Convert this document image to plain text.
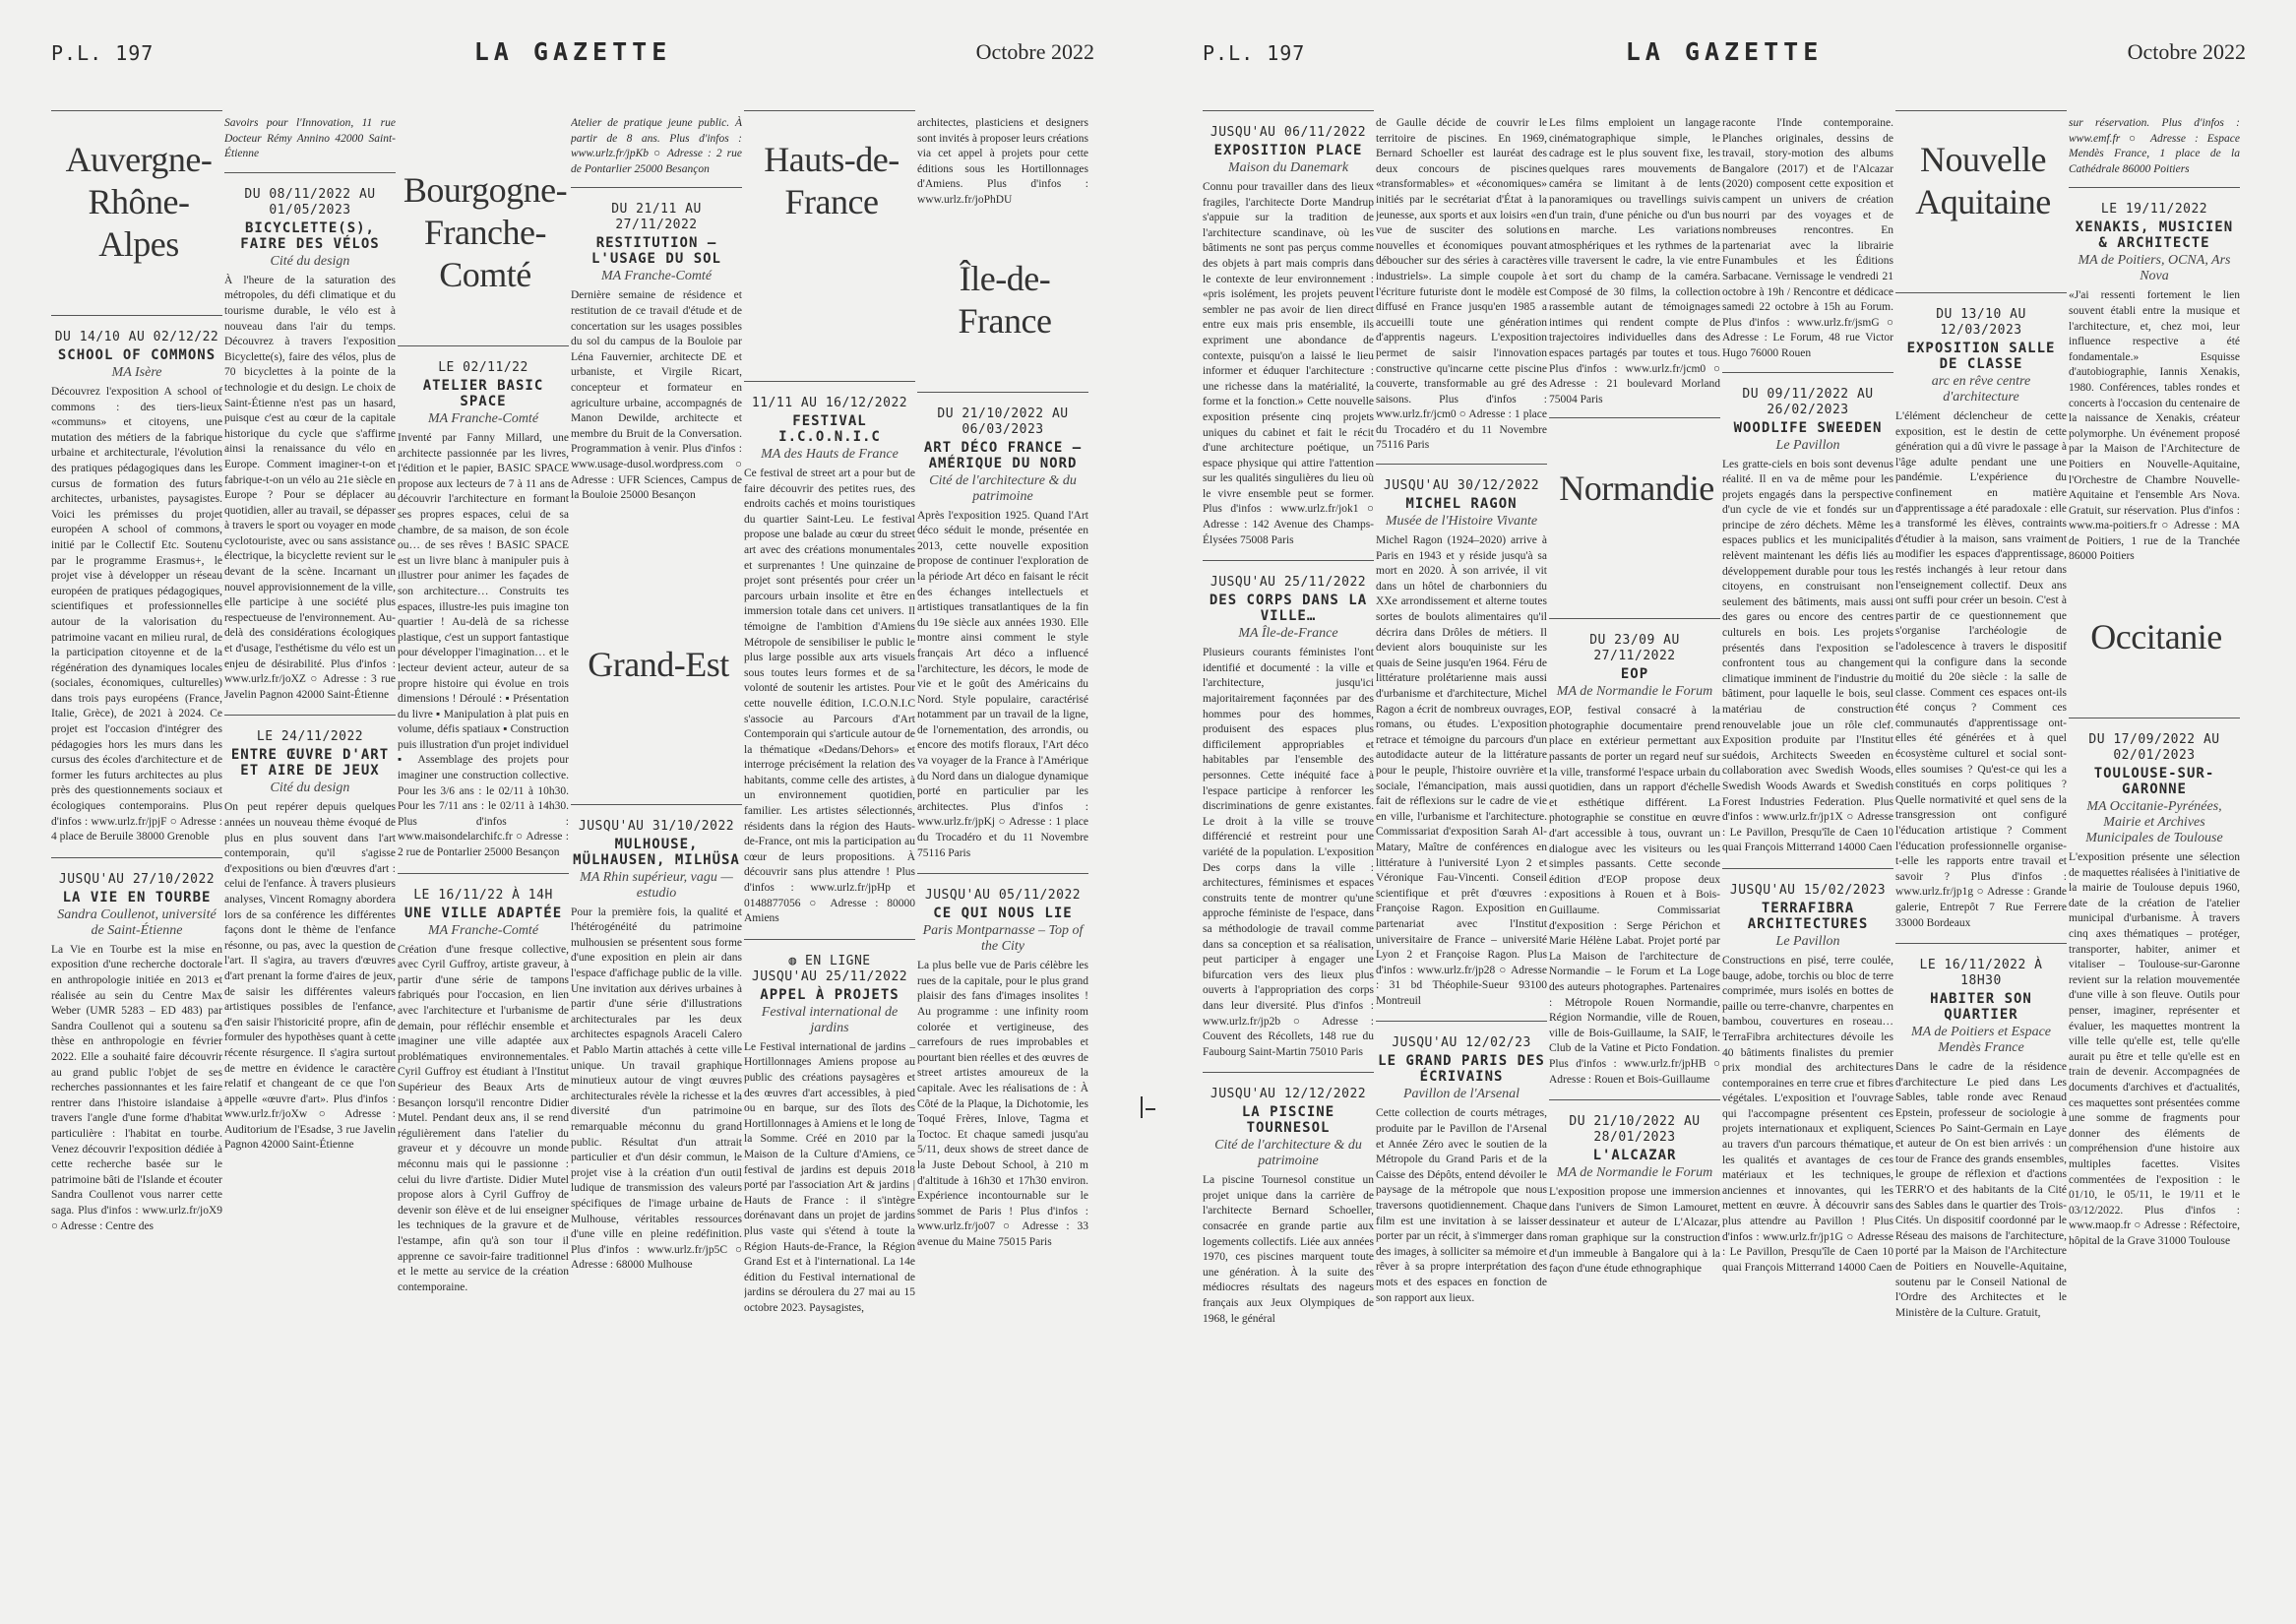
P.L. 197	LA GAZETTE	Octobre 2022
Auvergne-Rhône-Alpes
DU 14/10 AU 02/12/22
SCHOOL OF COMMONS
MA Isère
Découvrez l'exposition A school of commons : des tiers-lieux «communs» et citoyens, une mutation des métiers de la fabrique urbaine et architecturale, l'évolution des pratiques pédagogiques dans les cursus de formation des futurs architectes, urbanistes, paysagistes. Voici les prémisses du projet européen A school of commons, initié par le Collectif Etc. Soutenu par le programme Erasmus+, le projet vise à développer un réseau européen de pratiques pédagogiques, scientifiques et professionnelles autour de la valorisation du patrimoine vacant en milieu rural, de la participation citoyenne et de la régénération des dynamiques locales (sociales, économiques, culturelles) dans trois pays européens (France, Italie, Grèce), de 2021 à 2024. Ce projet est l'occasion d'intégrer des pédagogies hors les murs dans les cursus des écoles d'architecture et de former les futurs architectes au plus près des questionnements sociaux et écologiques contemporains. Plus d'infos : www.urlz.fr/jpjF ○ Adresse : 4 place de Beruile 38000 Grenoble
JUSQU'AU 27/10/2022
LA VIE EN TOURBE
Sandra Coullenot, université de Saint-Étienne
La Vie en Tourbe est la mise en exposition d'une recherche doctorale en anthropologie initiée en 2013 et réalisée au sein du Centre Max Weber (UMR 5283 – ED 483) par Sandra Coullenot qui a soutenu sa thèse en anthropologie en février 2022. Elle a souhaité faire découvrir au grand public l'objet de ses recherches passionnantes et les faire rentrer dans l'histoire islandaise à travers l'angle d'une forme d'habitat particulière : l'habitat en tourbe. Venez découvrir l'exposition dédiée à cette recherche basée sur le patrimoine bâti de l'Islande et écouter Sandra Coullenot vous narrer cette saga. Plus d'infos : www.urlz.fr/joX9 ○ Adresse : Centre des
Savoirs pour l'Innovation, 11 rue Docteur Rémy Annino 42000 Saint-Étienne
DU 08/11/2022 AU 01/05/2023
BICYCLETTE(S), FAIRE DES VÉLOS
Cité du design
À l'heure de la saturation des métropoles, du défi climatique et du tourisme durable, le vélo est à nouveau dans l'air du temps. Découvrez à travers l'exposition Bicyclette(s), faire des vélos, plus de 70 bicyclettes à la pointe de la technologie et du design. Le choix de Saint-Étienne n'est pas un hasard, puisque c'est au cœur de la capitale historique du cycle que s'affirme ainsi la renaissance du vélo en Europe. Comment imaginer-t-on et fabrique-t-on un vélo au 21e siècle en Europe ? Pour se déplacer au quotidien, aller au travail, se dépasser à travers le sport ou voyager en mode cyclotouriste, avec ou sans assistance électrique, la bicyclette revient sur le devant de la scène. Incarnant un nouvel approvisionnement de la ville, elle participe à une société plus respectueuse de l'environnement. Au-delà des considérations écologiques et d'usage, l'esthétisme du vélo est un enjeu de désirabilité. Plus d'infos : www.urlz.fr/joXZ ○ Adresse : 3 rue Javelin Pagnon 42000 Saint-Étienne
LE 24/11/2022
ENTRE ŒUVRE D'ART ET AIRE DE JEUX
Cité du design
On peut repérer depuis quelques années un nouveau thème évoqué de plus en plus souvent dans l'art contemporain, qu'il s'agisse d'expositions ou bien d'œuvres d'art : celui de l'enfance. À travers plusieurs analyses, Vincent Romagny abordera lors de sa conférence les différentes façons dont le thème de l'enfance résonne, ou pas, avec la question de l'art. Il s'agira, au travers d'œuvres d'art prenant la forme d'aires de jeux, de saisir les différentes valeurs artistiques possibles de l'enfance, d'en saisir l'historicité propre, afin de formuler des hypothèses quant à cette récente résurgence. Il s'agira surtout de mettre en évidence le caractère relatif et changeant de ce que l'on appelle «œuvre d'art». Plus d'infos : www.urlz.fr/joXw ○ Adresse : Auditorium de l'Esadse, 3 rue Javelin Pagnon 42000 Saint-Étienne
Bourgogne-Franche-Comté
LE 02/11/22
ATELIER BASIC SPACE
MA Franche-Comté
Inventé par Fanny Millard, une architecte passionnée par les livres, l'édition et le papier, BASIC SPACE propose aux lecteurs de 7 à 11 ans de découvrir l'architecture en formant ses propres espaces, celui de sa chambre, de sa maison, de son école ou… de ses rêves ! BASIC SPACE est un livre blanc à manipuler puis à illustrer pour animer les façades de son architecture… Construits tes espaces, illustre-les puis imagine ton quartier ! Au-delà de sa richesse plastique, c'est un support fantastique pour développer l'imagination… et le lecteur devient acteur, auteur de sa propre histoire qui évolue en trois dimensions ! Déroulé : ▪ Présentation du livre ▪ Manipulation à plat puis en volume, défis spatiaux ▪ Construction puis illustration d'un projet individuel ▪ Assemblage des projets pour imaginer une construction collective. Pour les 3/6 ans : le 02/11 à 10h30. Pour les 7/11 ans : le 02/11 à 14h30. Plus d'infos : www.maisondelarchifc.fr ○ Adresse : 2 rue de Pontarlier 25000 Besançon
LE 16/11/22 À 14H
UNE VILLE ADAPTÉE
MA Franche-Comté
Création d'une fresque collective, avec Cyril Guffroy, artiste graveur, à partir d'une série de tampons fabriqués pour l'occasion, en lien avec l'architecture et l'urbanisme de demain, pour réfléchir ensemble et imaginer une ville adaptée aux problématiques environnementales. Cyril Guffroy est étudiant à l'Institut Supérieur des Beaux Arts de Besançon lorsqu'il rencontre Didier Mutel. Pendant deux ans, il se rend régulièrement dans l'atelier du graveur et y découvre un monde méconnu mais qui le passionne : celui du livre d'artiste. Didier Mutel propose alors à Cyril Guffroy de devenir son élève et de lui enseigner les techniques de la gravure et de l'estampe, afin qu'à son tour il apprenne ce savoir-faire traditionnel et le mette au service de la création contemporaine.
Atelier de pratique jeune public. À partir de 8 ans. Plus d'infos : www.urlz.fr/jpKb ○ Adresse : 2 rue de Pontarlier 25000 Besançon
DU 21/11 AU 27/11/2022
RESTITUTION – L'USAGE DU SOL
MA Franche-Comté
Dernière semaine de résidence et restitution de ce travail d'étude et de concertation sur les usages possibles du sol du campus de la Bouloie par Léna Fauvernier, architecte DE et urbaniste, et Virgile Ricart, concepteur et formateur en agriculture urbaine, accompagnés de Manon Dewilde, architecte et membre du Bruit de la Conversation. Programmation à venir. Plus d'infos : www.usage-dusol.wordpress.com ○ Adresse : UFR Sciences, Campus de la Bouloie 25000 Besançon
Grand-Est
JUSQU'AU 31/10/2022
MULHOUSE, MÜLHAUSEN, MILHÜSA
MA Rhin supérieur, vagu — estudio
Pour la première fois, la qualité et l'hétérogénéité du patrimoine mulhousien se présentent sous forme d'une exposition en plein air dans l'espace d'affichage public de la ville. Une invitation aux dérives urbaines à partir d'une série d'illustrations architecturales par les deux architectes espagnols Araceli Calero et Pablo Martin attachés à cette ville unique. Un travail graphique minutieux autour de vingt œuvres architecturales révèle la richesse et la diversité d'un patrimoine remarquable méconnu du grand public. Résultat d'un attrait particulier et d'un désir commun, le projet vise à la création d'un outil ludique de transmission des valeurs spécifiques de l'image urbaine de Mulhouse, véritables ressources d'une ville en pleine redéfinition. Plus d'infos : www.urlz.fr/jp5C ○ Adresse : 68000 Mulhouse
Hauts-de-France
11/11 AU 16/12/2022
FESTIVAL I.C.O.N.I.C
MA des Hauts de France
Ce festival de street art a pour but de faire découvrir des petites rues, des endroits cachés et moins touristiques du quartier Saint-Leu. Le festival propose une balade au cœur du street art avec des créations monumentales et surprenantes ! Une quinzaine de projet sont présentés pour créer un parcours urbain insolite et être en immersion totale dans cet univers. Il témoigne de l'ambition d'Amiens Métropole de sensibiliser le public le plus large possible aux arts visuels sous toutes leurs formes et de sa volonté de soutenir les artistes. Pour cette nouvelle édition, I.C.O.N.I.C s'associe au Parcours d'Art Contemporain qui s'articule autour de la thématique «Dedans/Dehors» et interroge précisément la relation des habitants, comme celle des artistes, à un environnement quotidien, familier. Les artistes sélectionnés, résidents dans la région des Hauts-de-France, ont mis la participation au cœur de leurs propositions. À découvrir sans plus attendre ! Plus d'infos : www.urlz.fr/jpHp et 0148877056 ○ Adresse : 80000 Amiens
◍ EN LIGNE
JUSQU'AU 25/11/2022
APPEL À PROJETS
Festival international de jardins
Le Festival international de jardins – Hortillonnages Amiens propose au public des créations paysagères et des œuvres d'art accessibles, à pied ou en barque, sur des îlots des Hortillonnages à Amiens et le long de la Somme. Créé en 2010 par la Maison de la Culture d'Amiens, ce festival de jardins est depuis 2018 porté par l'association Art & jardins | Hauts de France : il s'intègre dorénavant dans un projet de jardins plus vaste qui s'étend à toute la Région Hauts-de-France, la Région Grand Est et à l'international. La 14e édition du Festival international de jardins se déroulera du 27 mai au 15 octobre 2023. Paysagistes,
architectes, plasticiens et designers sont invités à proposer leurs créations via cet appel à projets pour cette éditions sous les Hortillonnages d'Amiens. Plus d'infos : www.urlz.fr/joPhDU
Île-de-France
DU 21/10/2022 AU 06/03/2023
ART DÉCO FRANCE – AMÉRIQUE DU NORD
Cité de l'architecture & du patrimoine
Après l'exposition 1925. Quand l'Art déco séduit le monde, présentée en 2013, cette nouvelle exposition propose de continuer l'exploration de la période Art déco en faisant le récit des échanges intellectuels et artistiques transatlantiques de la fin du 19e siècle aux années 1930. Elle montre ainsi comment le style français Art déco a influencé l'architecture, les décors, le mode de vie et le goût des Américains du Nord. Style populaire, caractérisé notamment par un travail de la ligne, de l'ornementation, des arrondis, ou encore des motifs floraux, l'Art déco va voyager de la France à l'Amérique du Nord dans un dialogue dynamique porté en particulier par les architectes. Plus d'infos : www.urlz.fr/jpKj ○ Adresse : 1 place du Trocadéro et du 11 Novembre 75116 Paris
JUSQU'AU 05/11/2022
CE QUI NOUS LIE
Paris Montparnasse – Top of the City
La plus belle vue de Paris célèbre les rues de la capitale, pour le plus grand plaisir des fans d'images insolites ! Au programme : une infinity room colorée et vertigineuse, des carrefours de rues improbables et pourtant bien réelles et des œuvres de street artistes amoureux de la capitale. Avec les réalisations de : À Côté de la Plaque, la Dichotomie, les Toqué Frères, Inlove, Tagma et Toctoc. Et chaque samedi jusqu'au 5/11, deux shows de street dance de la Juste Debout School, à 210 m d'altitude à 16h30 et 17h30 environ. Expérience incontournable sur le sommet de Paris ! Plus d'infos : www.urlz.fr/jo07 ○ Adresse : 33 avenue du Maine 75015 Paris
P.L. 197	LA GAZETTE	Octobre 2022
JUSQU'AU 06/11/2022
EXPOSITION PLACE
Maison du Danemark
Connu pour travailler dans des lieux fragiles, l'architecte Dorte Mandrup s'appuie sur la tradition de l'architecture scandinave, où les bâtiments ne sont pas perçus comme des objets à part mais compris dans le contexte de leur environnement : «pris isolément, les projets peuvent sembler ne pas avoir de lien direct entre eux mais pris ensemble, ils expriment une abondance de contexte, puisqu'on a laissé le lieu informer et éduquer l'architecture : une richesse dans la matérialité, la forme et la fonction.» Cette nouvelle exposition présente cinq projets uniques du cabinet et fait le récit d'une architecture poétique, un espace physique qui attire l'attention sur les qualités singulières du lieu où le vivre ensemble peut se former. Plus d'infos : www.urlz.fr/jok1 ○ Adresse : 142 Avenue des Champs-Élysées 75008 Paris
JUSQU'AU 25/11/2022
DES CORPS DANS LA VILLE…
MA Île-de-France
Plusieurs courants féministes l'ont identifié et documenté : la ville et l'architecture, jusqu'ici majoritairement façonnées par des hommes pour des hommes, produisent des espaces plus difficilement appropriables et habitables par l'ensemble des personnes. Cette inéquité face à l'espace participe à renforcer les discriminations de genre existantes. Le droit à la ville se trouve différencié et restreint pour une variété de la population. L'exposition Des corps dans la ville : architectures, féminismes et espaces construits tente de montrer qu'une approche féministe de l'espace, dans sa méthodologie de travail comme dans sa conception et sa réalisation, peut participer à engager une bifurcation vers des lieux plus ouverts à l'appropriation des corps dans leur diversité. Plus d'infos : www.urlz.fr/jp2b ○ Adresse : Couvent des Récollets, 148 rue du Faubourg Saint-Martin 75010 Paris
JUSQU'AU 12/12/2022
LA PISCINE TOURNESOL
Cité de l'architecture & du patrimoine
La piscine Tournesol constitue un projet unique dans la carrière de l'architecte Bernard Schoeller, consacrée en grande partie aux logements collectifs. Liée aux années 1970, ces piscines marquent toute une génération. À la suite des médiocres résultats des nageurs français aux Jeux Olympiques de 1968, le général
de Gaulle décide de couvrir le territoire de piscines. En 1969, Bernard Schoeller est lauréat des deux concours de piscines «transformables» et «économiques» initiés par le secrétariat d'État à la jeunesse, aux sports et aux loisirs «en vue de susciter des solutions nouvelles et économiques pouvant déboucher sur des séries à caractères industriels». La simple coupole à l'écriture futuriste dont le modèle est diffusé en France jusqu'en 1985 a accueilli toute une génération d'apprentis nageurs. L'exposition permet de saisir l'innovation constructive qu'incarne cette piscine couverte, transformable au gré des saisons. Plus d'infos : www.urlz.fr/jcm0 ○ Adresse : 1 place du Trocadéro et du 11 Novembre 75116 Paris
JUSQU'AU 30/12/2022
MICHEL RAGON
Musée de l'Histoire Vivante
Michel Ragon (1924–2020) arrive à Paris en 1943 et y réside jusqu'à sa mort en 2020. À son arrivée, il vit dans un hôtel de charbonniers du XXe arrondissement et alterne toutes sortes de boulots alimentaires qu'il décrira dans Drôles de métiers. Il devient alors bouquiniste sur les quais de Seine jusqu'en 1964. Féru de littérature prolétarienne mais aussi d'urbanisme et d'architecture, Michel Ragon a écrit de nombreux ouvrages, romans, ou études. L'exposition retrace et témoigne du parcours d'un autodidacte auteur de la littérature pour le peuple, l'histoire ouvrière et sociale, l'émancipation, mais aussi fait de réflexions sur le cadre de vie en ville, l'urbanisme et l'architecture. Commissariat d'exposition Sarah Al-Matary, Maître de conférences en littérature à l'université Lyon 2 et Véronique Fau-Vincenti. Conseil scientifique et prêt d'œuvres : Françoise Ragon. Exposition en partenariat avec l'Institut universitaire de France – université Lyon 2 et Françoise Ragon. Plus d'infos : www.urlz.fr/jp28 ○ Adresse : 31 bd Théophile-Sueur 93100 Montreuil
JUSQU'AU 12/02/23
LE GRAND PARIS DES ÉCRIVAINS
Pavillon de l'Arsenal
Cette collection de courts métrages, produite par le Pavillon de l'Arsenal et Année Zéro avec le soutien de la Métropole du Grand Paris et de la Caisse des Dépôts, entend dévoiler le paysage de la métropole que nous traversons quotidiennement. Chaque film est une invitation à se laisser porter par un récit, à s'immerger dans des images, à solliciter sa mémoire et rêver à sa propre interprétation des mots et des espaces en fonction de son rapport aux lieux.
Les films emploient un langage cinématographique simple, le cadrage est le plus souvent fixe, les quelques rares mouvements de caméra se limitant à de lents panoramiques ou travellings suivis d'un train, d'une péniche ou d'un bus en marche. Les variations atmosphériques et les rythmes de la ville traversent le cadre, la vie entre et sort du champ de la caméra. Composé de 30 films, la collection rassemble autant de témoignages intimes qui rendent compte de trajectoires individuelles dans des espaces partagés par toutes et tous. Plus d'infos : www.urlz.fr/jcm0 ○ Adresse : 21 boulevard Morland 75004 Paris
Normandie
DU 23/09 AU 27/11/2022
EOP
MA de Normandie le Forum
EOP, festival consacré à la photographie documentaire prend place en extérieur permettant aux passants de porter un regard neuf sur la ville, transformé l'espace urbain du quotidien, dans un rapport d'échelle et esthétique différent. La photographie se constitue en œuvre d'art accessible à tous, ouvrant un dialogue avec les visiteurs ou les simples passants. Cette seconde édition d'EOP propose deux expositions à Rouen et à Bois-Guillaume. Commissariat d'exposition : Serge Périchon et Marie Hélène Labat. Projet porté par La Maison de l'architecture de Normandie – le Forum et La Loge des auteurs photographes. Partenaires : Métropole Rouen Normandie, Région Normandie, ville de Rouen, ville de Bois-Guillaume, la SAIF, le Club de la Vatine et Picto Fondation. Plus d'infos : www.urlz.fr/jpHB ○ Adresse : Rouen et Bois-Guillaume
DU 21/10/2022 AU 28/01/2023
L'ALCAZAR
MA de Normandie le Forum
L'exposition propose une immersion dans l'univers de Simon Lamouret, dessinateur et auteur de L'Alcazar, roman graphique sur la construction d'un immeuble à Bangalore qui à la façon d'une étude ethnographique
raconte l'Inde contemporaine. Planches originales, dessins de travail, story-motion des albums Bangalore (2017) et de l'Alcazar (2020) composent cette exposition et campent un univers de création nourri par des voyages et de nombreuses rencontres. En partenariat avec la librairie Funambules et les Éditions Sarbacane. Vernissage le vendredi 21 octobre à 19h / Rencontre et dédicace samedi 22 octobre à 15h au Forum. Plus d'infos : www.urlz.fr/jsmG ○ Adresse : Le Forum, 48 rue Victor Hugo 76000 Rouen
DU 09/11/2022 AU 26/02/2023
WOODLIFE SWEEDEN
Le Pavillon
Les gratte-ciels en bois sont devenus réalité. Il en va de même pour les projets engagés dans la perspective d'un cycle de vie et fondés sur un principe de zéro déchets. Même les espaces publics et les municipalités relèvent maintenant les défis liés au développement durable pour tous les citoyens, en construisant non seulement des bâtiments, mais aussi des gares ou encore des centres culturels en bois. Les projets présentés dans l'exposition se confrontent tous au changement climatique imminent de l'industrie du bâtiment, pour laquelle le bois, seul matériau de construction renouvelable joue un rôle clef. Exposition produite par l'Institut suédois, Architects Sweeden en collaboration avec Swedish Woods, Swedish Woods Awards et Swedish Forest Industries Federation. Plus d'infos : www.urlz.fr/jp1X ○ Adresse : Le Pavillon, Presqu'île de Caen 10 quai François Mitterrand 14000 Caen
JUSQU'AU 15/02/2023
TERRAFIBRA ARCHITECTURES
Le Pavillon
Constructions en pisé, terre coulée, bauge, adobe, torchis ou bloc de terre comprimée, murs isolés en bottes de paille ou terre-chanvre, charpentes en bambou, couvertures en roseau… TerraFibra architectures dévoile les 40 bâtiments finalistes du premier prix mondial des architectures contemporaines en terre crue et fibres végétales. L'exposition et l'ouvrage qui l'accompagne présentent ces projets internationaux et expliquent, au travers d'un parcours thématique, les qualités et avantages de ces matériaux et les techniques, anciennes et innovantes, qui les mettent en œuvre. À découvrir sans plus attendre au Pavillon ! Plus d'infos : www.urlz.fr/jp1G ○ Adresse : Le Pavillon, Presqu'île de Caen 10 quai François Mitterrand 14000 Caen
Nouvelle Aquitaine
DU 13/10 AU 12/03/2023
EXPOSITION SALLE DE CLASSE
arc en rêve centre d'architecture
L'élément déclencheur de cette exposition, est le destin de cette génération qui a dû vivre le passage à l'âge adulte pendant une une pandémie. L'expérience du confinement en matière d'apprentissage a été paradoxale : elle a transformé les élèves, contraints d'étudier à la maison, sans vraiment modifier les espaces d'apprentissage, restés inchangés à leur retour dans l'enseignement collectif. Deux ans ont suffi pour créer un besoin. C'est à partir de ce questionnement que s'organise l'archéologie de l'adolescence à travers le dispositif qui la configure dans la seconde moitié du 20e siècle : la salle de classe. Comment ces espaces ont-ils été conçus ? Comment ces communautés d'apprentissage ont-elles été générées et à quel écosystème culturel et social sont-elles soumises ? Qu'est-ce qui les a constitués en corps politiques ? Quelle normativité et quel sens de la transgression ont configuré l'éducation artistique ? Comment l'éducation professionnelle organise-t-elle les rapports entre travail et savoir ? Plus d'infos : www.urlz.fr/jp1g ○ Adresse : Grande galerie, Entrepôt 7 Rue Ferrere 33000 Bordeaux
LE 16/11/2022 À 18H30
HABITER SON QUARTIER
MA de Poitiers et Espace Mendès France
Dans le cadre de la résidence d'architecture Le pied dans Les Sables, table ronde avec Renaud Epstein, professeur de sociologie à Sciences Po Saint-Germain en Laye et auteur de On est bien arrivés : un tour de France des grands ensembles, le groupe de réflexion et d'actions TERR'O et des habitants de la Cité des Sables dans le quartier des Trois-Cités. Un dispositif coordonné par le Réseau des maisons de l'architecture, porté par la Maison de l'Architecture de Poitiers en Nouvelle-Aquitaine, soutenu par le Conseil National de l'Ordre des Architectes et le Ministère de la Culture. Gratuit,
sur réservation. Plus d'infos : www.emf.fr ○ Adresse : Espace Mendès France, 1 place de la Cathédrale 86000 Poitiers
LE 19/11/2022
XENAKIS, MUSICIEN & ARCHITECTE
MA de Poitiers, OCNA, Ars Nova
«J'ai ressenti fortement le lien souvent établi entre la musique et l'architecture, et, chez moi, leur influence respective a été fondamentale.» Esquisse d'autobiographie, Iannis Xenakis, 1980. Conférences, tables rondes et concerts à l'occasion du centenaire de la naissance de Xenakis, créateur polymorphe. Un événement proposé par la Maison de l'Architecture de Poitiers en Nouvelle-Aquitaine, l'Orchestre de Chambre Nouvelle-Aquitaine et l'ensemble Ars Nova. Gratuit, sur réservation. Plus d'infos : www.ma-poitiers.fr ○ Adresse : MA de Poitiers, 1 rue de la Tranchée 86000 Poitiers
Occitanie
DU 17/09/2022 AU 02/01/2023
TOULOUSE-SUR-GARONNE
MA Occitanie-Pyrénées, Mairie et Archives Municipales de Toulouse
L'exposition présente une sélection de maquettes réalisées à l'initiative de la mairie de Toulouse depuis 1960, date de la création de l'atelier municipal d'urbanisme. À travers cinq axes thématiques – protéger, transporter, habiter, animer et vitaliser – Toulouse-sur-Garonne revient sur la relation mouvementée d'une ville à son fleuve. Outils pour penser, imaginer, représenter et évaluer, les maquettes montrent la ville telle qu'elle est, telle qu'elle aurait pu être et telle qu'elle est en train de devenir. Accompagnées de documents d'archives et d'actualités, ces maquettes sont présentées comme une somme de fragments pour donner des éléments de compréhension d'une histoire aux multiples facettes. Visites commentées de l'exposition : le 01/10, le 05/11, le 19/11 et le 03/12/2022. Plus d'infos : www.maop.fr ○ Adresse : Réfectoire, hôpital de la Grave 31000 Toulouse
